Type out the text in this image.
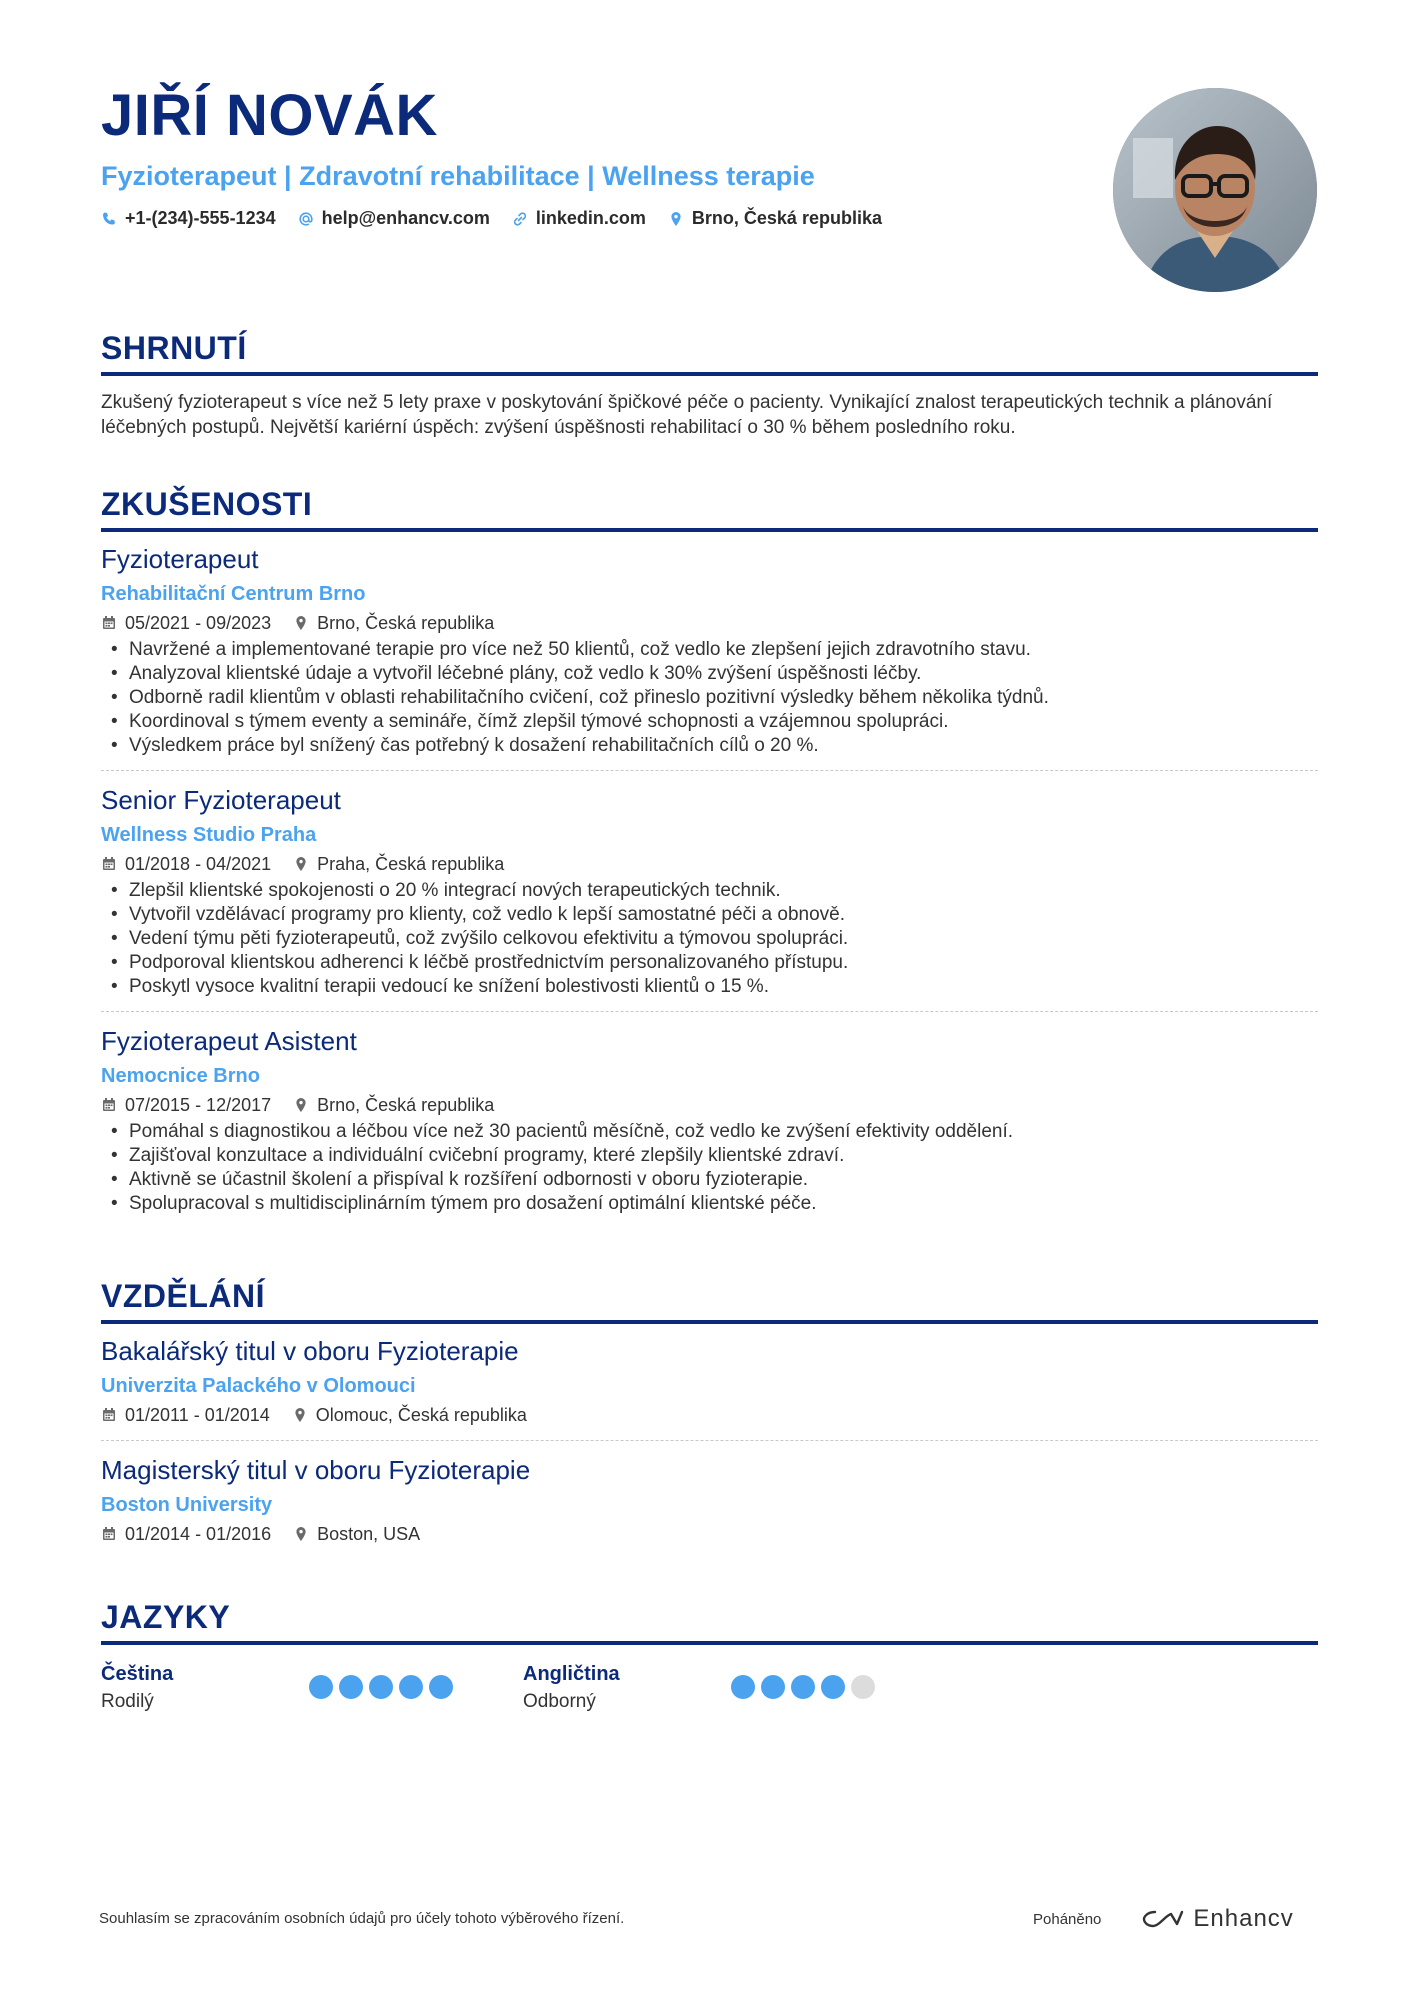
JIŘÍ NOVÁK
Fyzioterapeut | Zdravotní rehabilitace | Wellness terapie
+1-(234)-555-1234	help@enhancv.com	linkedin.com	Brno, Česká republika
SHRNUTÍ
Zkušený fyzioterapeut s více než 5 lety praxe v poskytování špičkové péče o pacienty. Vynikající znalost terapeutických technik a plánování léčebných postupů. Největší kariérní úspěch: zvýšení úspěšnosti rehabilitací o 30 % během posledního roku.
ZKUŠENOSTI
Fyzioterapeut
Rehabilitační Centrum Brno
05/2021 - 09/2023	Brno, Česká republika
• Navržené a implementované terapie pro více než 50 klientů, což vedlo ke zlepšení jejich zdravotního stavu.
• Analyzoval klientské údaje a vytvořil léčebné plány, což vedlo k 30% zvýšení úspěšnosti léčby.
• Odborně radil klientům v oblasti rehabilitačního cvičení, což přineslo pozitivní výsledky během několika týdnů.
• Koordinoval s týmem eventy a semináře, čímž zlepšil týmové schopnosti a vzájemnou spolupráci.
• Výsledkem práce byl snížený čas potřebný k dosažení rehabilitačních cílů o 20 %.
Senior Fyzioterapeut
Wellness Studio Praha
01/2018 - 04/2021	Praha, Česká republika
• Zlepšil klientské spokojenosti o 20 % integrací nových terapeutických technik.
• Vytvořil vzdělávací programy pro klienty, což vedlo k lepší samostatné péči a obnově.
• Vedení týmu pěti fyzioterapeutů, což zvýšilo celkovou efektivitu a týmovou spolupráci.
• Podporoval klientskou adherenci k léčbě prostřednictvím personalizovaného přístupu.
• Poskytl vysoce kvalitní terapii vedoucí ke snížení bolestivosti klientů o 15 %.
Fyzioterapeut Asistent
Nemocnice Brno
07/2015 - 12/2017	Brno, Česká republika
• Pomáhal s diagnostikou a léčbou více než 30 pacientů měsíčně, což vedlo ke zvýšení efektivity oddělení.
• Zajišťoval konzultace a individuální cvičební programy, které zlepšily klientské zdraví.
• Aktivně se účastnil školení a přispíval k rozšíření odbornosti v oboru fyzioterapie.
• Spolupracoval s multidisciplinárním týmem pro dosažení optimální klientské péče.
VZDĚLÁNÍ
Bakalářský titul v oboru Fyzioterapie
Univerzita Palackého v Olomouci
01/2011 - 01/2014	Olomouc, Česká republika
Magisterský titul v oboru Fyzioterapie
Boston University
01/2014 - 01/2016	Boston, USA
JAZYKY
Čeština
Rodilý
Angličtina
Odborný
Souhlasím se zpracováním osobních údajů pro účely tohoto výběrového řízení.	Poháněno	Enhancv
